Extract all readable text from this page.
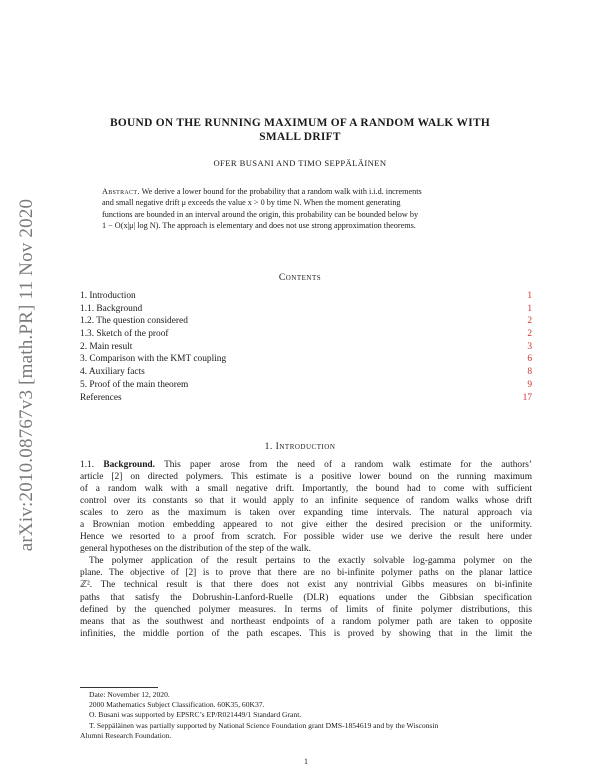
arXiv:2010.08767v3 [math.PR] 11 Nov 2020
BOUND ON THE RUNNING MAXIMUM OF A RANDOM WALK WITH
SMALL DRIFT
OFER BUSANI AND TIMO SEPPÄLÄINEN
Abstract. We derive a lower bound for the probability that a random walk with i.i.d. increments
and small negative drift μ exceeds the value x > 0 by time N. When the moment generating
functions are bounded in an interval around the origin, this probability can be bounded below by
1 − O(x|μ| log N). The approach is elementary and does not use strong approximation theorems.
Contents
1. Introduction	1
1.1. Background	1
1.2. The question considered	2
1.3. Sketch of the proof	2
2. Main result	3
3. Comparison with the KMT coupling	6
4. Auxiliary facts	8
5. Proof of the main theorem	9
References	17
1. Introduction
1.1. Background. This paper arose from the need of a random walk estimate for the authors’
article [2] on directed polymers. This estimate is a positive lower bound on the running maximum
of a random walk with a small negative drift. Importantly, the bound had to come with sufficient
control over its constants so that it would apply to an infinite sequence of random walks whose drift
scales to zero as the maximum is taken over expanding time intervals. The natural approach via
a Brownian motion embedding appeared to not give either the desired precision or the uniformity.
Hence we resorted to a proof from scratch. For possible wider use we derive the result here under
general hypotheses on the distribution of the step of the walk.
The polymer application of the result pertains to the exactly solvable log-gamma polymer on the
plane. The objective of [2] is to prove that there are no bi-infinite polymer paths on the planar lattice
ℤ². The technical result is that there does not exist any nontrivial Gibbs measures on bi-infinite
paths that satisfy the Dobrushin-Lanford-Ruelle (DLR) equations under the Gibbsian specification
defined by the quenched polymer measures. In terms of limits of finite polymer distributions, this
means that as the southwest and northeast endpoints of a random polymer path are taken to opposite
infinities, the middle portion of the path escapes. This is proved by showing that in the limit the
Date: November 12, 2020.
2000 Mathematics Subject Classification. 60K35, 60K37.
O. Busani was supported by EPSRC’s EP/R021449/1 Standard Grant.
T. Seppäläinen was partially supported by National Science Foundation grant DMS-1854619 and by the Wisconsin
Alumni Research Foundation.
1
